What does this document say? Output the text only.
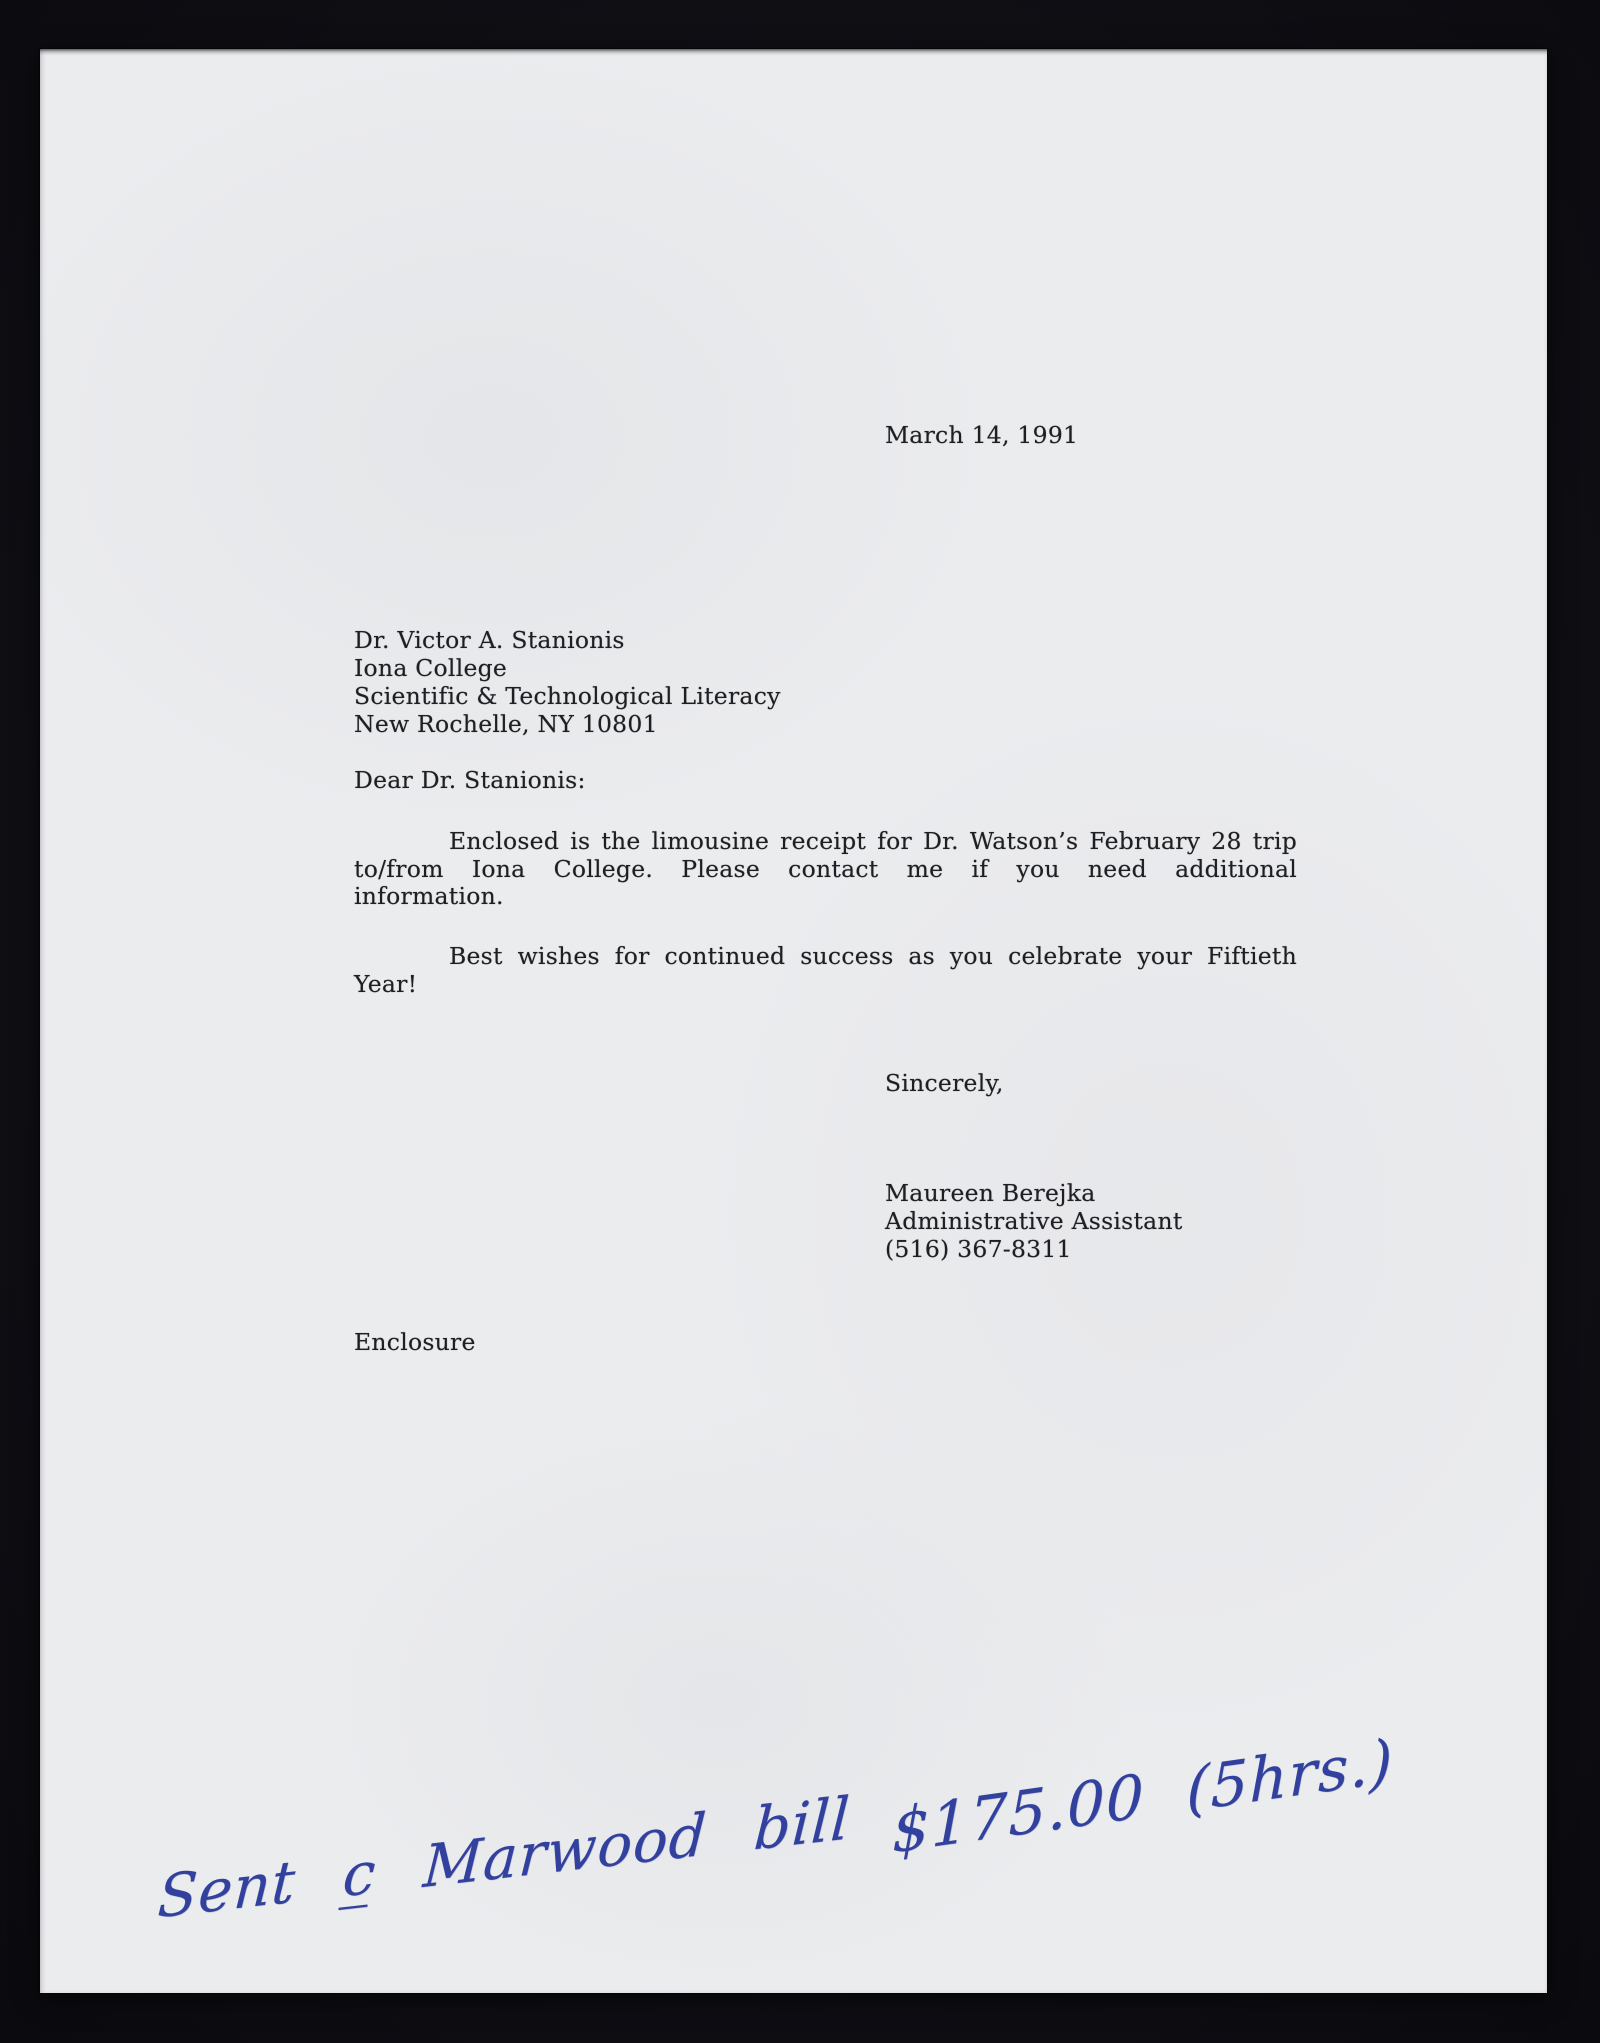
March 14, 1991
Dr. Victor A. Stanionis
Iona College
Scientific & Technological Literacy
New Rochelle, NY 10801
Dear Dr. Stanionis:
Enclosed is the limousine receipt for Dr. Watson’s February 28 trip
to/from Iona College. Please contact me if you need additional
information.
Best wishes for continued success as you celebrate your Fiftieth
Year!
Sincerely,
Maureen Berejka
Administrative Assistant
(516) 367-8311
Enclosure
Sent c̲ Marwood bill $175.00 (5hrs.)
